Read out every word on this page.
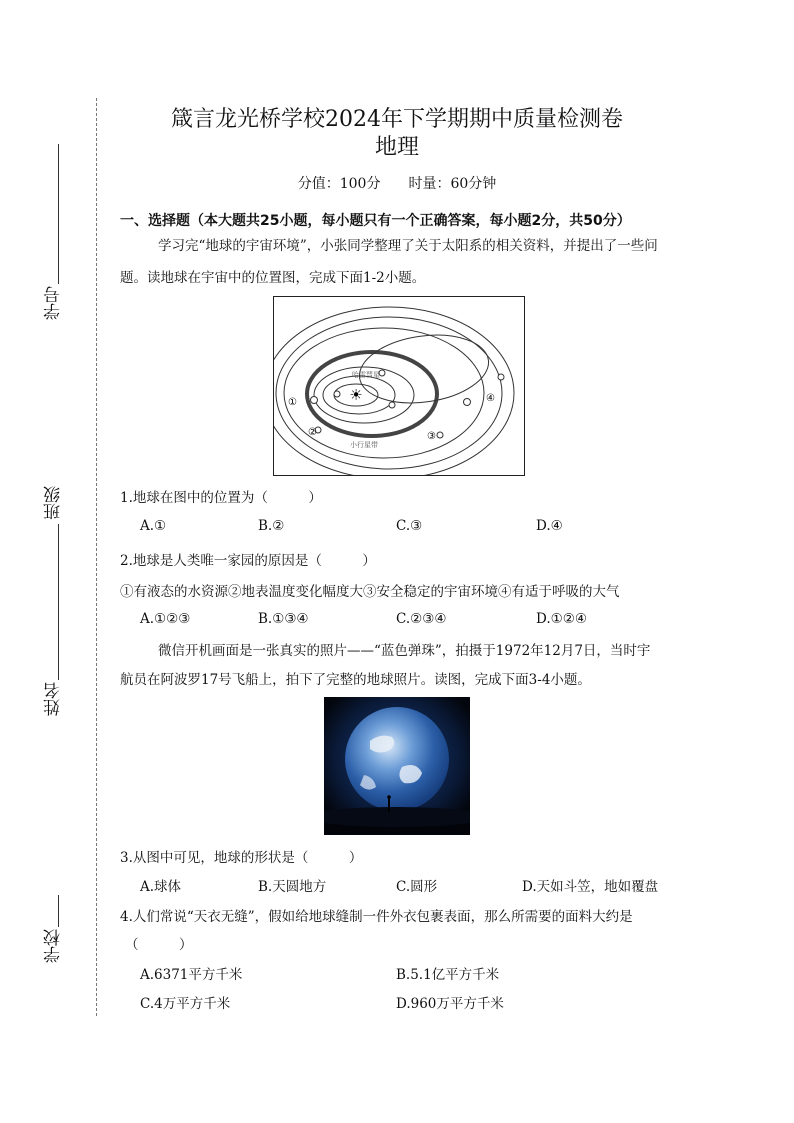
学号
班级
姓名
学校
箴言龙光桥学校2024年下学期期中质量检测卷
地理
分值：100分　　时量：60分钟
一、选择题（本大题共25小题，每小题只有一个正确答案，每小题2分，共50分）
学习完“地球的宇宙环境”，小张同学整理了关于太阳系的相关资料，并提出了一些问
题。读地球在宇宙中的位置图，完成下面1-2小题。
☀
哈雷彗星
小行星带
①
②	③
④
1.地球在图中的位置为（　　　）
A.①	B.②	C.③	D.④
2.地球是人类唯一家园的原因是（　　　）
①有液态的水资源②地表温度变化幅度大③安全稳定的宇宙环境④有适于呼吸的大气
A.①②③	B.①③④	C.②③④	D.①②④
微信开机画面是一张真实的照片——“蓝色弹珠”，拍摄于1972年12月7日，当时宇
航员在阿波罗17号飞船上，拍下了完整的地球照片。读图，完成下面3-4小题。
3.从图中可见，地球的形状是（　　　）
A.球体	B.天圆地方	C.圆形	D.天如斗笠，地如覆盘
4.人们常说“天衣无缝”，假如给地球缝制一件外衣包裹表面，那么所需要的面料大约是
（　　　）
A.6371平方千米	B.5.1亿平方千米
C.4万平方千米	D.960万平方千米
